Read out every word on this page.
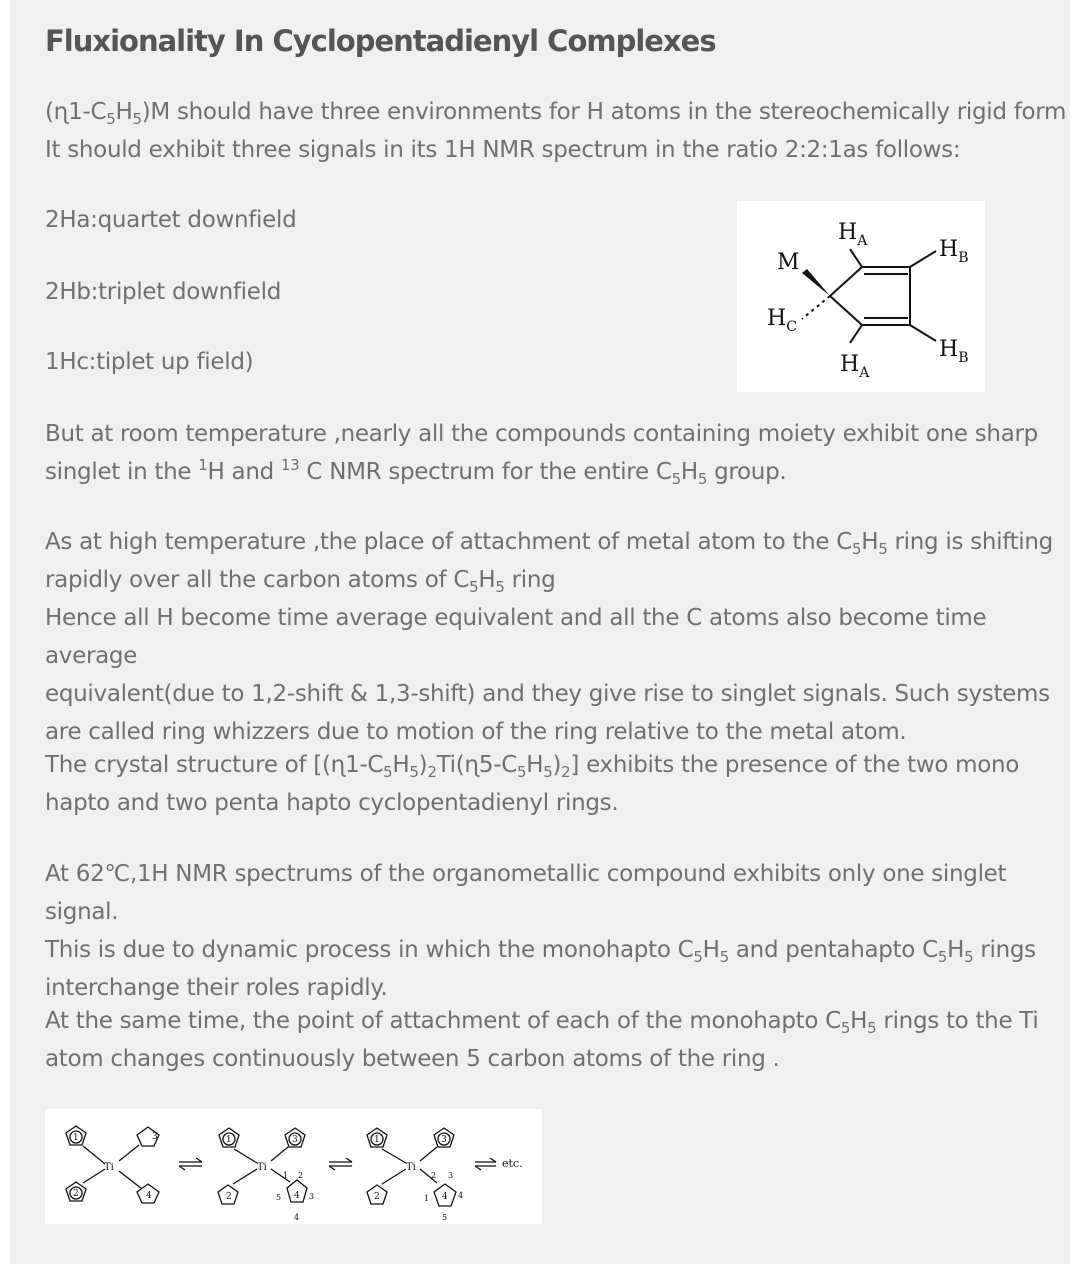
Fluxionality In Cyclopentadienyl Complexes
$(ɳ1-C_5H_5)M$ should have three environments for H atoms in the stereochemically rigid form
It should exhibit three signals in its 1H NMR spectrum in the ratio 2:2:1as follows:
2Ha:quartet downfield
2Hb:triplet downfield
1Hc:tiplet up field)
M
$H_A$	$H_B$
$H_B$
$H_A$
$H_C$
But at room temperature ,nearly all the compounds containing moiety exhibit one sharp
singlet in the $^1$H and $^{13}$ C NMR spectrum for the entire $C_5H_5$ group.
As at high temperature ,the place of attachment of metal atom to the $C_5H_5$ ring is shifting
rapidly over all the carbon atoms of $C_5H_5$ ring
Hence all H become time average equivalent and all the C atoms also become time average
equivalent(due to 1,2-shift & 1,3-shift) and they give rise to singlet signals. Such systems
are called ring whizzers due to motion of the ring relative to the metal atom.
The crystal structure of $[(ɳ1-C_5H_5)_2Ti(ɳ5-C_5H_5)_2]$ exhibits the presence of the two mono
hapto and two penta hapto cyclopentadienyl rings.
At 62℃,1H NMR spectrums of the organometallic compound exhibits only one singlet signal.
This is due to dynamic process in which the monohapto $C_5H_5$ and pentahapto $C_5H_5$ rings
interchange their roles rapidly.
At the same time, the point of attachment of each of the monohapto $C_5H_5$ rings to the Ti
atom changes continuously between 5 carbon atoms of the ring .
Ti	Ti	Ti	etc.
1
2
3
4
1
2
3
1 2
4 3
5
4
1
2
3
2 3
4
1	4
5
